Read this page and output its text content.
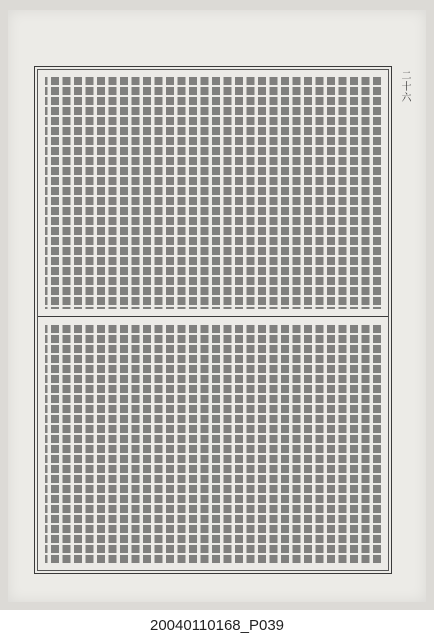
二十六
20040110168_P039
